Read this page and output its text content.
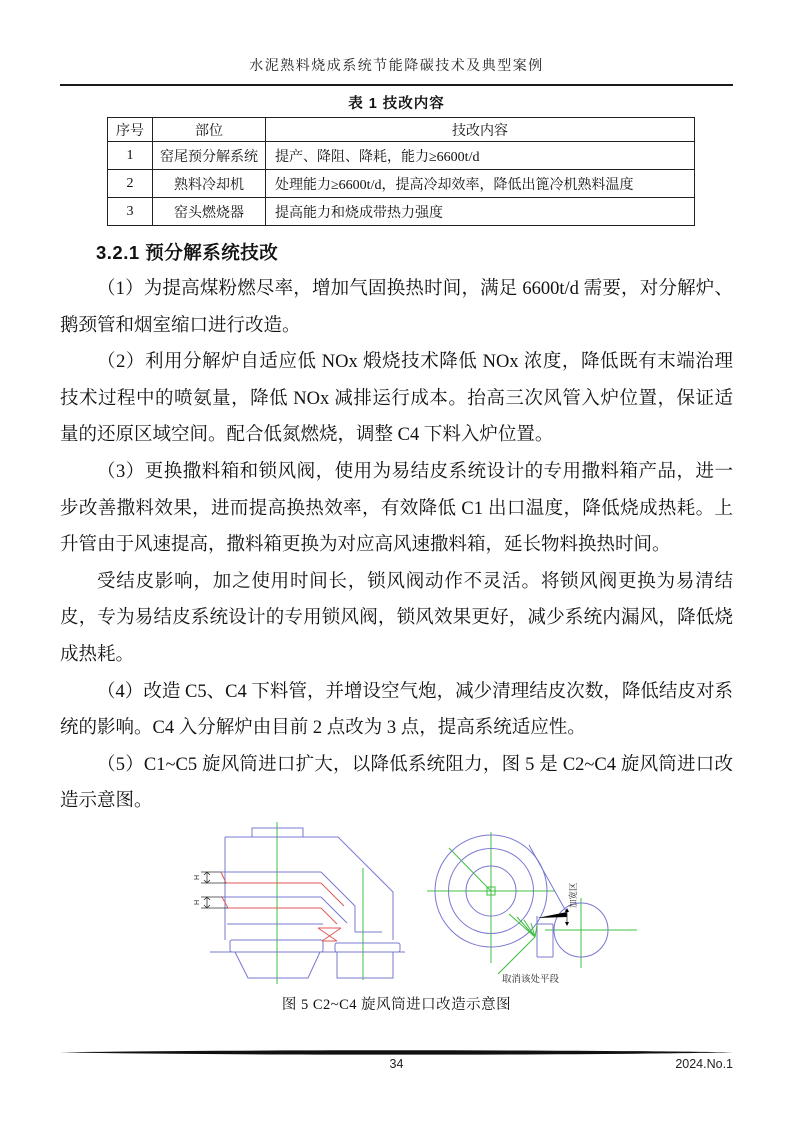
水泥熟料烧成系统节能降碳技术及典型案例
表 1 技改内容
序号	部位	技改内容
1	窑尾预分解系统	提产、降阻、降耗，能力≥6600t/d
2	熟料冷却机	处理能力≥6600t/d，提高冷却效率，降低出篦冷机熟料温度
3	窑头燃烧器	提高能力和烧成带热力强度
3.2.1 预分解系统技改

（1）为提高煤粉燃尽率，增加气固换热时间，满足 6600t/d 需要，对分解炉、鹅颈管和烟室缩口进行改造。

（2）利用分解炉自适应低 NOx 煅烧技术降低 NOx 浓度，降低既有末端治理技术过程中的喷氨量，降低 NOx 减排运行成本。抬高三次风管入炉位置，保证适量的还原区域空间。配合低氮燃烧，调整 C4 下料入炉位置。

（3）更换撒料箱和锁风阀，使用为易结皮系统设计的专用撒料箱产品，进一步改善撒料效果，进而提高换热效率，有效降低 C1 出口温度，降低烧成热耗。上升管由于风速提高，撒料箱更换为对应高风速撒料箱，延长物料换热时间。

受结皮影响，加之使用时间长，锁风阀动作不灵活。将锁风阀更换为易清结皮，专为易结皮系统设计的专用锁风阀，锁风效果更好，减少系统内漏风，降低烧成热耗。

（4）改造 C5、C4 下料管，并增设空气炮，减少清理结皮次数，降低结皮对系统的影响。C4 入分解炉由目前 2 点改为 3 点，提高系统适应性。

（5）C1~C5 旋风筒进口扩大，以降低系统阻力，图 5 是 C2~C4 旋风筒进口改造示意图。

H
H	加宽区
取消该处平段
图 5 C2~C4 旋风筒进口改造示意图
34	2024.No.1
